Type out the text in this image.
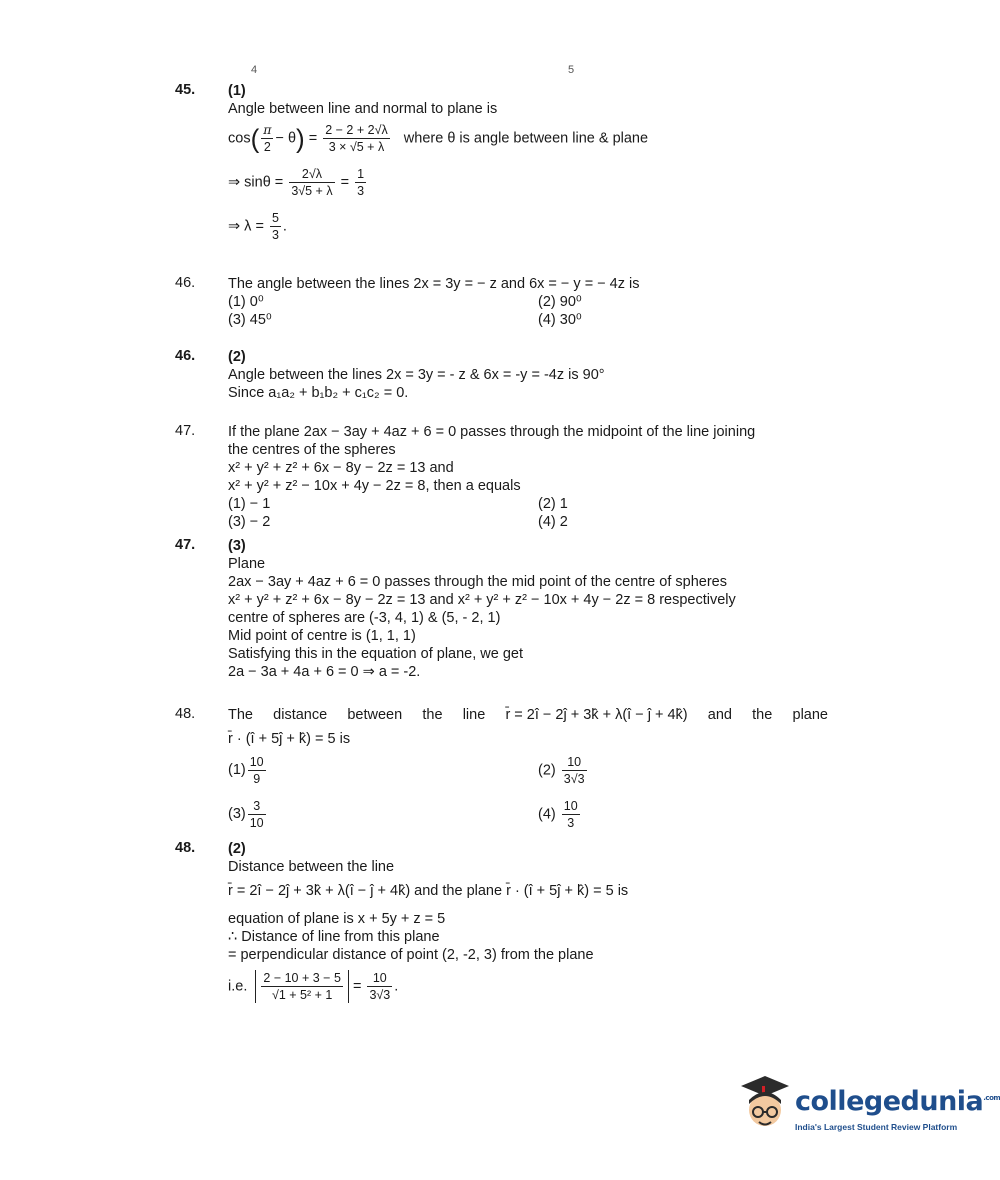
4	5
45.	(1)
Angle between line and normal to plane is
$\cos( \frac{\pi}{2} - \theta) = \frac{2 - 2 + 2√\lambda}{3 \times √5 + \lambda}$ where θ is angle between line & plane
⇒ $\sin\theta = \frac{2√\lambda}{3√5 + \lambda} = \frac{1}{3}$
⇒ $\lambda = \frac{5}{3}$ .
46.	The angle between the lines 2x = 3y = − z and 6x = − y = − 4z is
(1) 0⁰	(2) 90⁰
(3) 45⁰	(4) 30⁰
46.	(2)
Angle between the lines 2x = 3y = - z & 6x = -y = -4z is 90°
Since a₁a₂ + b₁b₂ + c₁c₂ = 0.
47.	If the plane 2ax − 3ay + 4az + 6 = 0 passes through the midpoint of the line joining
the centres of the spheres
x² + y² + z² + 6x − 8y − 2z = 13 and
x² + y² + z² − 10x + 4y − 2z = 8, then a equals
(1) − 1	(2) 1
(3) − 2	(4) 2
47.	(3)
Plane
2ax − 3ay + 4az + 6 = 0 passes through the mid point of the centre of spheres
x² + y² + z² + 6x − 8y − 2z = 13 and x² + y² + z² − 10x + 4y − 2z = 8 respectively
centre of spheres are (-3, 4, 1) & (5, - 2, 1)
Mid point of centre is (1, 1, 1)
Satisfying this in the equation of plane, we get
2a − 3a + 4a + 6 = 0 ⇒ a = -2.
48.	The distance between the line r̄ = 2î − 2ĵ + 3k̂ + λ(î − ĵ + 4k̂) and the plane
r̄ · (î + 5ĵ + k̂) = 5 is
$(1) \frac{10}{9}$	$(2) \frac{10}{3√3}$
$(3) \frac{3}{10}$	$(4) \frac{10}{3}$
48.	(2)
Distance between the line
r̄ = 2î − 2ĵ + 3k̂ + λ(î − ĵ + 4k̂) and the plane r̄ · (î + 5ĵ + k̂) = 5 is
equation of plane is x + 5y + z = 5
∴ Distance of line from this plane
= perpendicular distance of point (2, -2, 3) from the plane
i.e. $\frac{2 - 10 + 3 - 5}{\text{√1 + 5² + 1}} = \frac{10}{3√3}$ .
collegedunia$^{.com}$
India's Largest Student Review Platform
